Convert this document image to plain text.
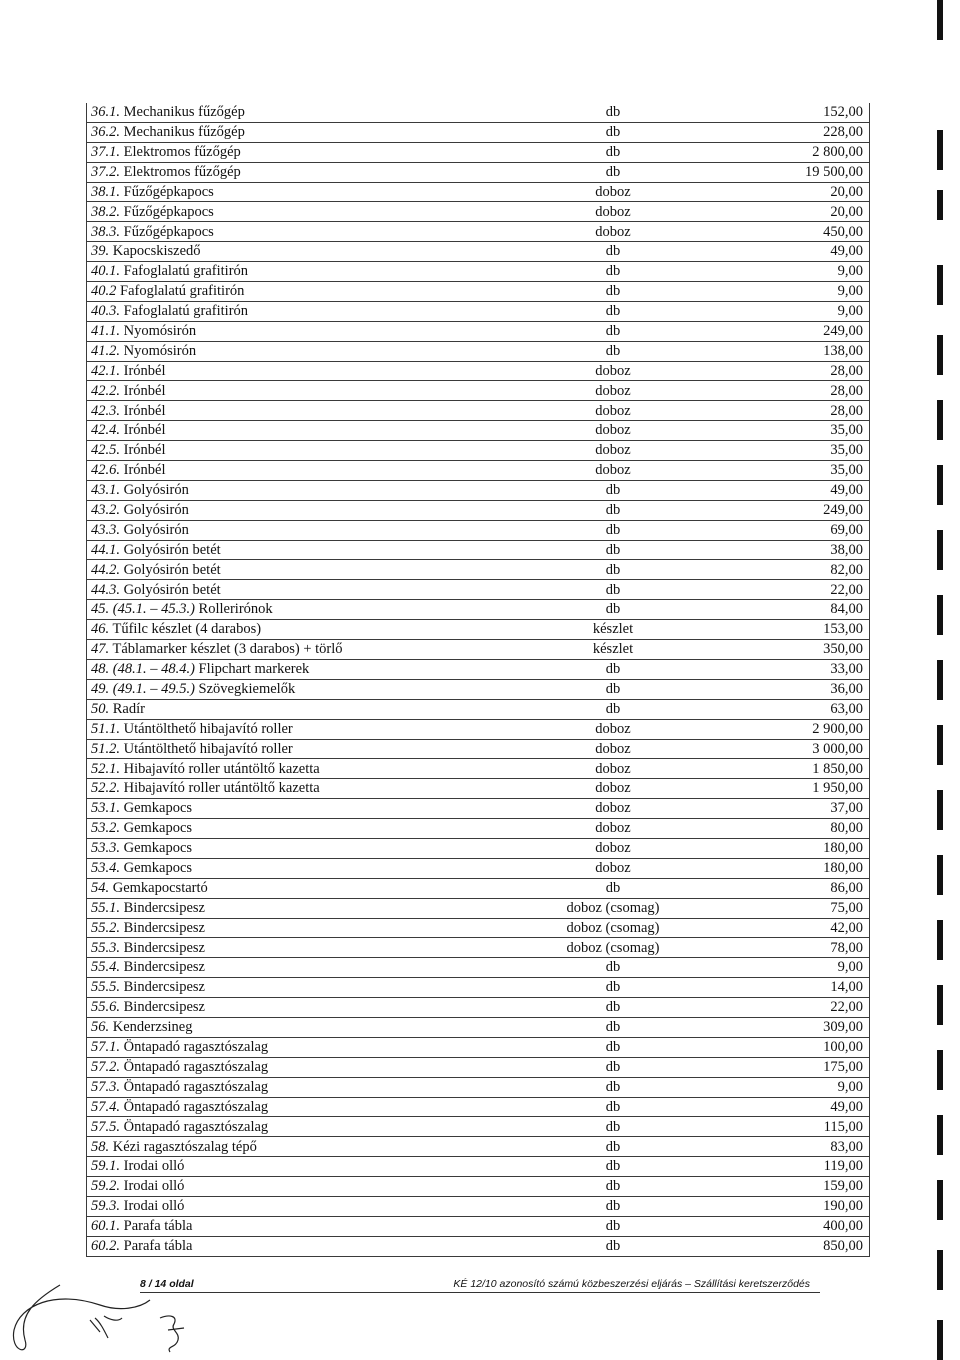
36.1. Mechanikus fűzőgép	db	152,00
36.2. Mechanikus fűzőgép	db	228,00
37.1. Elektromos fűzőgép	db	2 800,00
37.2. Elektromos fűzőgép	db	19 500,00
38.1. Fűzőgépkapocs	doboz	20,00
38.2. Fűzőgépkapocs	doboz	20,00
38.3. Fűzőgépkapocs	doboz	450,00
39. Kapocskiszedő	db	49,00
40.1. Fafoglalatú grafitirón	db	9,00
40.2 Fafoglalatú grafitirón	db	9,00
40.3. Fafoglalatú grafitirón	db	9,00
41.1. Nyomósirón	db	249,00
41.2. Nyomósirón	db	138,00
42.1. Irónbél	doboz	28,00
42.2. Irónbél	doboz	28,00
42.3. Irónbél	doboz	28,00
42.4. Irónbél	doboz	35,00
42.5. Irónbél	doboz	35,00
42.6. Irónbél	doboz	35,00
43.1. Golyósirón	db	49,00
43.2. Golyósirón	db	249,00
43.3. Golyósirón	db	69,00
44.1. Golyósirón betét	db	38,00
44.2. Golyósirón betét	db	82,00
44.3. Golyósirón betét	db	22,00
45. (45.1. – 45.3.) Rollerirónok	db	84,00
46. Tűfilc készlet (4 darabos)	készlet	153,00
47. Táblamarker készlet (3 darabos) + törlő	készlet	350,00
48. (48.1. – 48.4.) Flipchart markerek	db	33,00
49. (49.1. – 49.5.) Szövegkiemelők	db	36,00
50. Radír	db	63,00
51.1. Utántölthető hibajavító roller	doboz	2 900,00
51.2. Utántölthető hibajavító roller	doboz	3 000,00
52.1. Hibajavító roller utántöltő kazetta	doboz	1 850,00
52.2. Hibajavító roller utántöltő kazetta	doboz	1 950,00
53.1. Gemkapocs	doboz	37,00
53.2. Gemkapocs	doboz	80,00
53.3. Gemkapocs	doboz	180,00
53.4. Gemkapocs	doboz	180,00
54. Gemkapocstartó	db	86,00
55.1. Bindercsipesz	doboz (csomag)	75,00
55.2. Bindercsipesz	doboz (csomag)	42,00
55.3. Bindercsipesz	doboz (csomag)	78,00
55.4. Bindercsipesz	db	9,00
55.5. Bindercsipesz	db	14,00
55.6. Bindercsipesz	db	22,00
56. Kenderzsineg	db	309,00
57.1. Öntapadó ragasztószalag	db	100,00
57.2. Öntapadó ragasztószalag	db	175,00
57.3. Öntapadó ragasztószalag	db	9,00
57.4. Öntapadó ragasztószalag	db	49,00
57.5. Öntapadó ragasztószalag	db	115,00
58. Kézi ragasztószalag tépő	db	83,00
59.1. Irodai olló	db	119,00
59.2. Irodai olló	db	159,00
59.3. Irodai olló	db	190,00
60.1. Parafa tábla	db	400,00
60.2. Parafa tábla	db	850,00
8 / 14 oldal	KÉ 12/10 azonosító számú közbeszerzési eljárás – Szállítási keretszerződés
